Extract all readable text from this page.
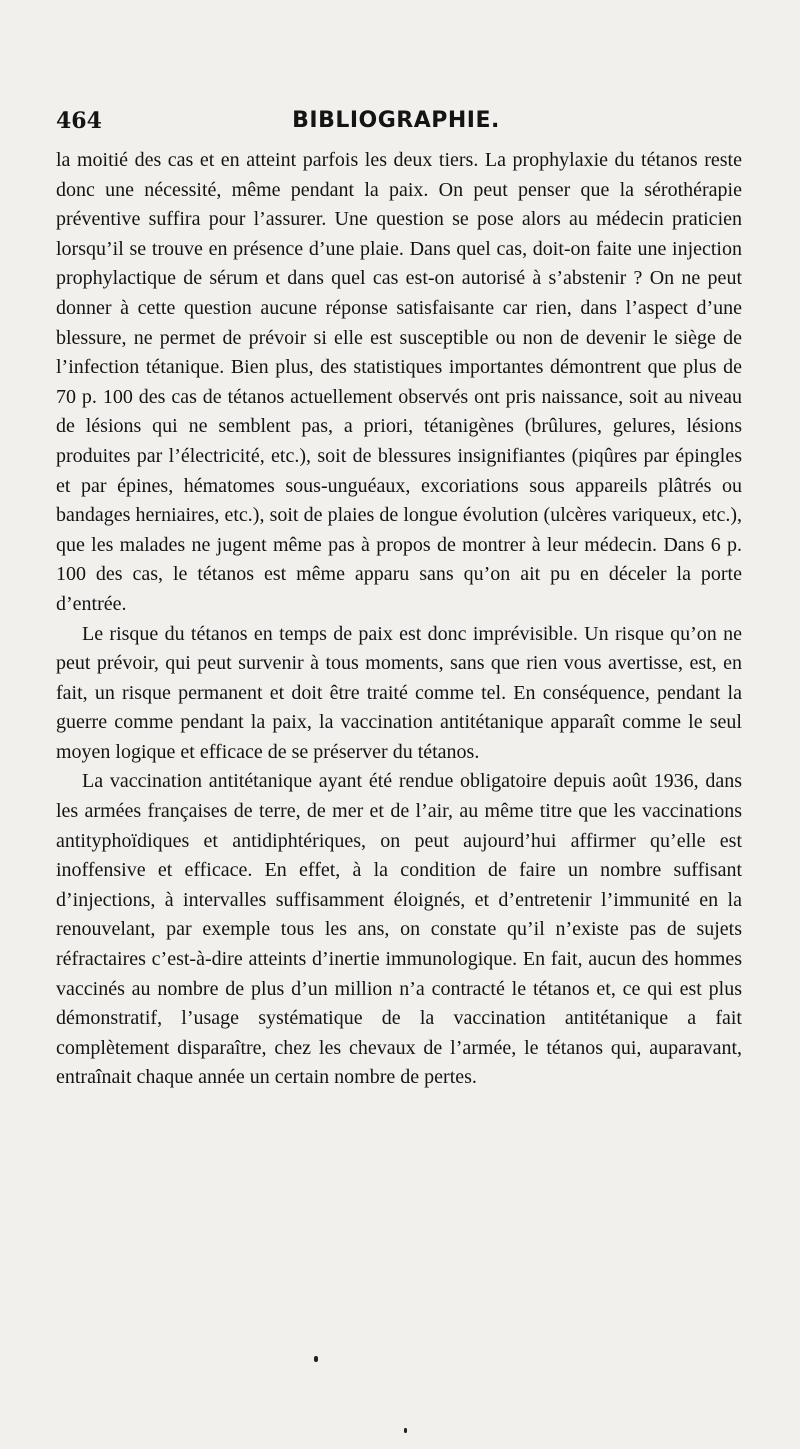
464	BIBLIOGRAPHIE.

la moitié des cas et en atteint parfois les deux tiers. La prophylaxie du tétanos reste donc une nécessité, même pendant la paix. On peut penser que la sérothérapie préventive suffira pour l’assurer. Une question se pose alors au médecin praticien lorsqu’il se trouve en présence d’une plaie. Dans quel cas, doit-on faite une injection prophylactique de sérum et dans quel cas est-on autorisé à s’abstenir ? On ne peut donner à cette question aucune réponse satisfaisante car rien, dans l’aspect d’une blessure, ne permet de prévoir si elle est susceptible ou non de devenir le siège de l’infection tétanique. Bien plus, des statistiques importantes démontrent que plus de 70 p. 100 des cas de tétanos actuellement observés ont pris naissance, soit au niveau de lésions qui ne semblent pas, a priori, tétanigènes (brûlures, gelures, lésions produites par l’électricité, etc.), soit de blessures insignifiantes (piqûres par épingles et par épines, hématomes sous-unguéaux, excoriations sous appareils plâtrés ou bandages herniaires, etc.), soit de plaies de longue évolution (ulcères variqueux, etc.), que les malades ne jugent même pas à propos de montrer à leur médecin. Dans 6 p. 100 des cas, le tétanos est même apparu sans qu’on ait pu en déceler la porte d’entrée.

Le risque du tétanos en temps de paix est donc imprévisible. Un risque qu’on ne peut prévoir, qui peut survenir à tous moments, sans que rien vous avertisse, est, en fait, un risque permanent et doit être traité comme tel. En conséquence, pendant la guerre comme pendant la paix, la vaccination antitétanique apparaît comme le seul moyen logique et efficace de se préserver du tétanos.

La vaccination antitétanique ayant été rendue obligatoire depuis août 1936, dans les armées françaises de terre, de mer et de l’air, au même titre que les vaccinations antityphoïdiques et antidiphtériques, on peut aujourd’hui affirmer qu’elle est inoffensive et efficace. En effet, à la condition de faire un nombre suffisant d’injections, à intervalles suffisamment éloignés, et d’entretenir l’immunité en la renouvelant, par exemple tous les ans, on constate qu’il n’existe pas de sujets réfractaires c’est-à-dire atteints d’inertie immunologique. En fait, aucun des hommes vaccinés au nombre de plus d’un million n’a contracté le tétanos et, ce qui est plus démonstratif, l’usage systématique de la vaccination antitétanique a fait complètement disparaître, chez les chevaux de l’armée, le tétanos qui, auparavant, entraînait chaque année un certain nombre de pertes.
